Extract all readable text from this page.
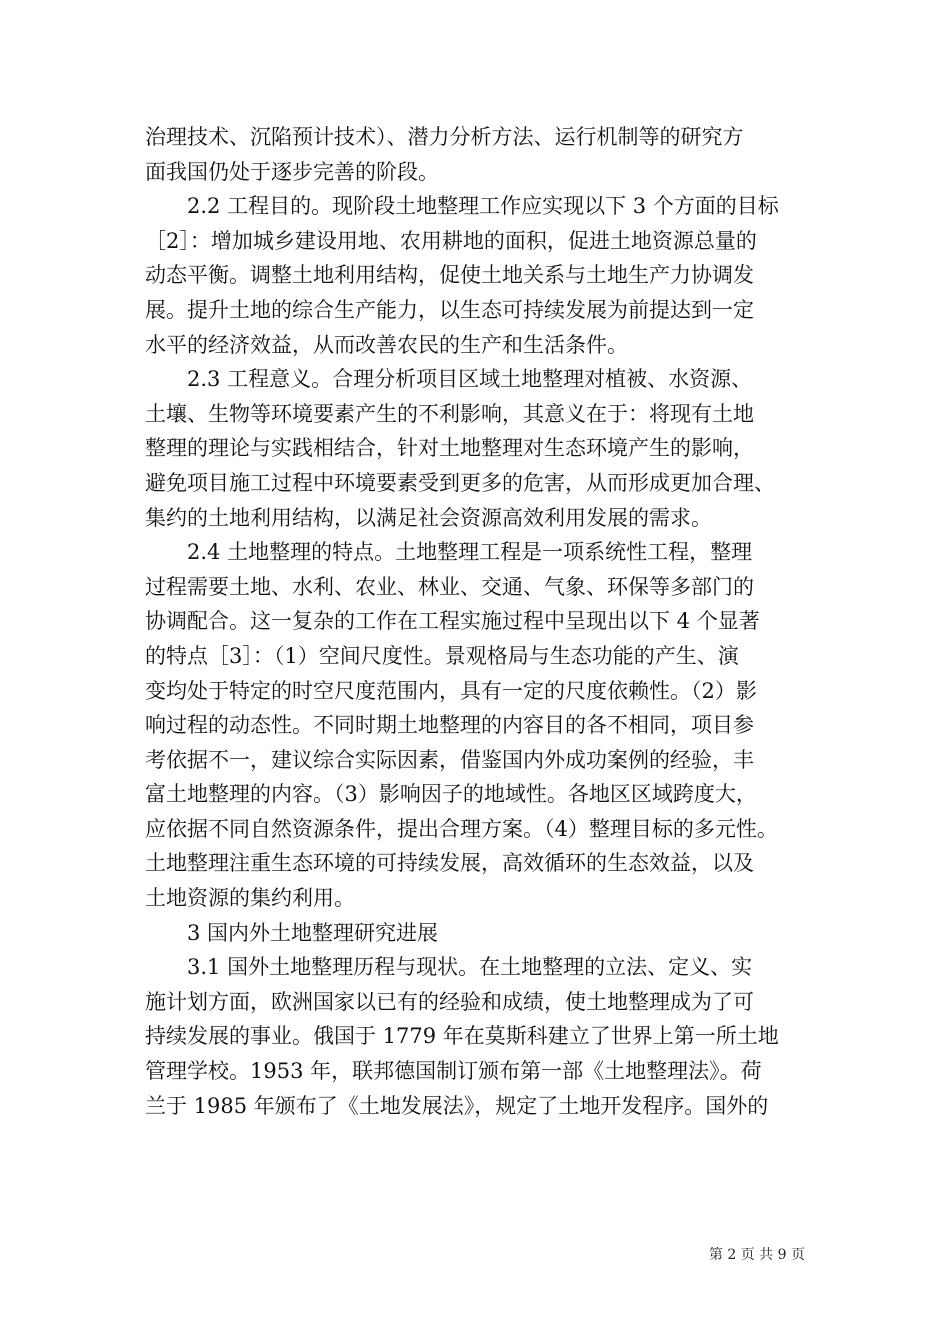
治理技术、沉陷预计技术）、潜力分析方法、运行机制等的研究方
面我国仍处于逐步完善的阶段。
2.2 工程目的。现阶段土地整理工作应实现以下 3 个方面的目标
［2］：增加城乡建设用地、农用耕地的面积，促进土地资源总量的
动态平衡。调整土地利用结构，促使土地关系与土地生产力协调发
展。提升土地的综合生产能力，以生态可持续发展为前提达到一定
水平的经济效益，从而改善农民的生产和生活条件。
2.3 工程意义。合理分析项目区域土地整理对植被、水资源、
土壤、生物等环境要素产生的不利影响，其意义在于：将现有土地
整理的理论与实践相结合，针对土地整理对生态环境产生的影响，
避免项目施工过程中环境要素受到更多的危害，从而形成更加合理、
集约的土地利用结构，以满足社会资源高效利用发展的需求。
2.4 土地整理的特点。土地整理工程是一项系统性工程，整理
过程需要土地、水利、农业、林业、交通、气象、环保等多部门的
协调配合。这一复杂的工作在工程实施过程中呈现出以下 4 个显著
的特点［3］：（1）空间尺度性。景观格局与生态功能的产生、演
变均处于特定的时空尺度范围内，具有一定的尺度依赖性。（2）影
响过程的动态性。不同时期土地整理的内容目的各不相同，项目参
考依据不一，建议综合实际因素，借鉴国内外成功案例的经验，丰
富土地整理的内容。（3）影响因子的地域性。各地区区域跨度大，
应依据不同自然资源条件，提出合理方案。（4）整理目标的多元性。
土地整理注重生态环境的可持续发展，高效循环的生态效益，以及
土地资源的集约利用。
3 国内外土地整理研究进展
3.1 国外土地整理历程与现状。在土地整理的立法、定义、实
施计划方面，欧洲国家以已有的经验和成绩，使土地整理成为了可
持续发展的事业。俄国于 1779 年在莫斯科建立了世界上第一所土地
管理学校。1953 年，联邦德国制订颁布第一部《土地整理法》。荷
兰于 1985 年颁布了《土地发展法》，规定了土地开发程序。国外的
第 2 页 共 9 页
